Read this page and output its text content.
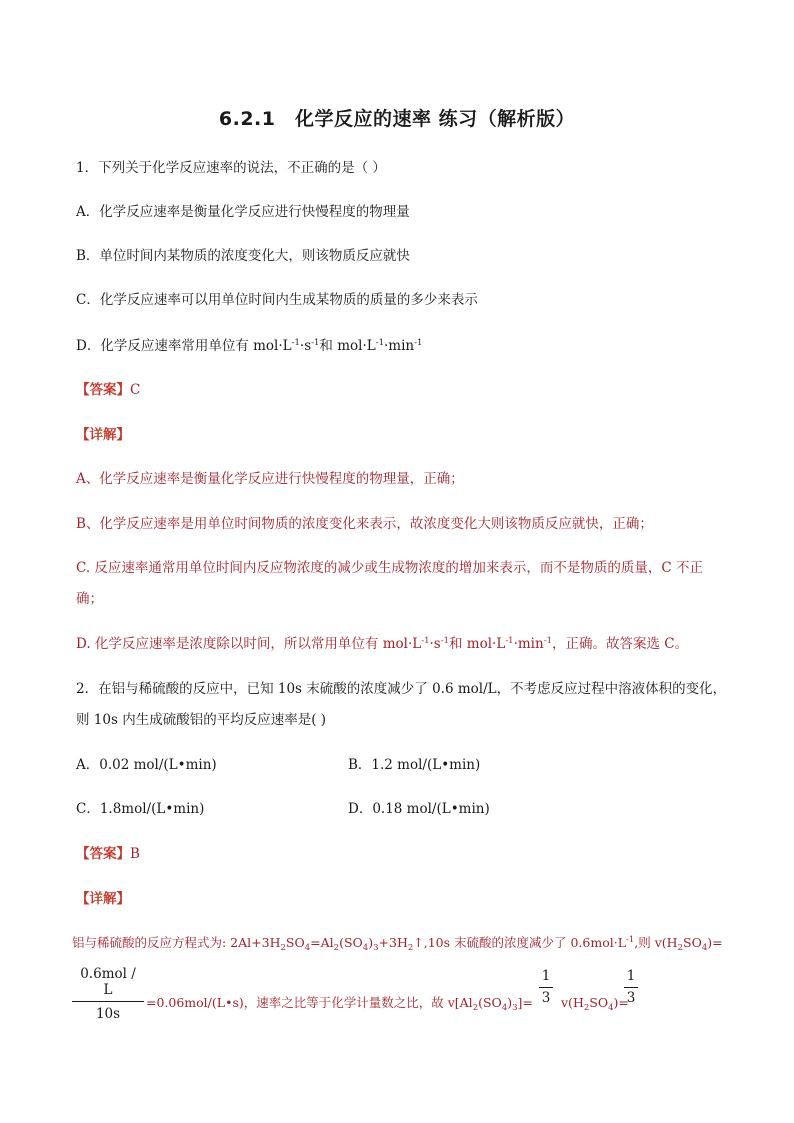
6.2.1　化学反应的速率 练习（解析版）
1．下列关于化学反应速率的说法，不正确的是（ ）
A．化学反应速率是衡量化学反应进行快慢程度的物理量
B．单位时间内某物质的浓度变化大，则该物质反应就快
C．化学反应速率可以用单位时间内生成某物质的质量的多少来表示
D．化学反应速率常用单位有 $mol\cdot L^{-1}\cdot s^{-1}$和 $mol\cdot L^{-1}\cdot\min^{-1}$
【答案】C
【详解】
A、化学反应速率是衡量化学反应进行快慢程度的物理量，正确；
B、化学反应速率是用单位时间物质的浓度变化来表示，故浓度变化大则该物质反应就快，正确；
C. 反应速率通常用单位时间内反应物浓度的减少或生成物浓度的增加来表示，而不是物质的质量，C 不正
确；
D. 化学反应速率是浓度除以时间，所以常用单位有 $mol\cdot L^{-1}\cdot s^{-1}$和 $mol\cdot L^{-1}\cdot\min^{-1}$，正确。故答案选 C。
2．在铝与稀硫酸的反应中，已知 10s 末硫酸的浓度减少了 0.6 mol/L，不考虑反应过程中溶液体积的变化，
则 10s 内生成硫酸铝的平均反应速率是( )
A．0.02 mol/(L•min)	B．1.2 mol/(L•min)
C．1.8mol/(L•min)	D．0.18 mol/(L•min)
【答案】B
【详解】
铝与稀硫酸的反应方程式为: $2Al+3H_2SO_4=Al_2(SO_4)_3+3H_2↑,10s$ 末硫酸的浓度减少了 $0.6mol\cdot L^{-1}$,则 $v(H_2SO_4)=$
0.6mol / L
10s
=0.06mol/(L•s)，速率之比等于化学计量数之比，故 $v[Al_2(SO_4)_3]=$
1
3 $v(H_2SO_4)=$
1
3
